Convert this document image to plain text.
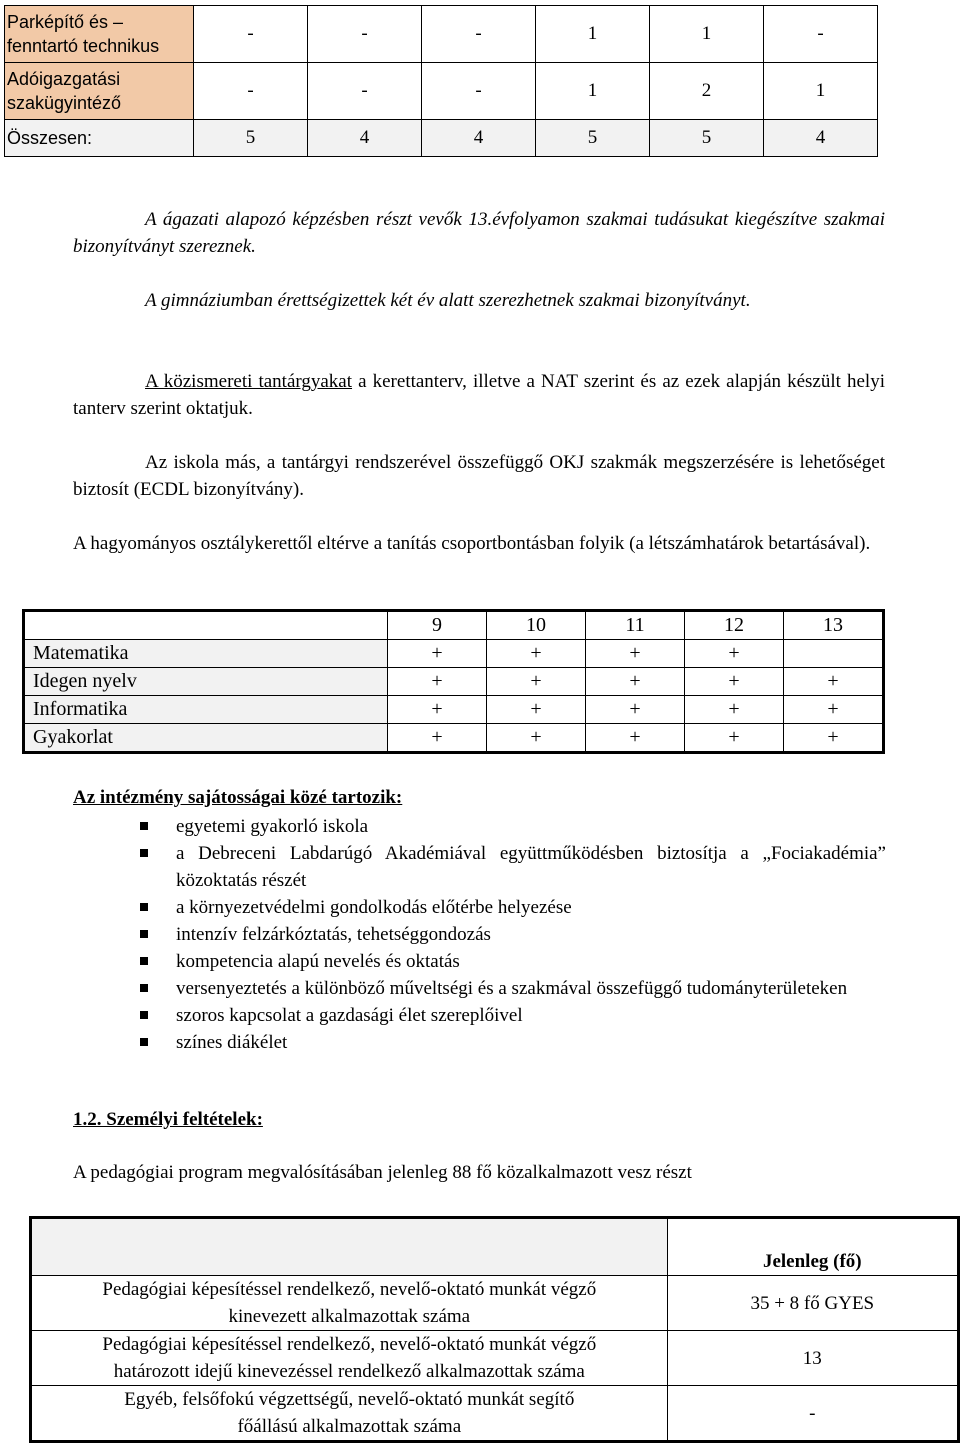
Parképítő és –
fenntartó technikus	-	-	-	1	1	-
Adóigazgatási
szakügyintéző	-	-	-	1	2	1
Összesen:	5	4	4	5	5	4

A ágazati alapozó képzésben részt vevők 13.évfolyamon szakmai tudásukat kiegészítve szakmai bizonyítványt szereznek.

A gimnáziumban érettségizettek két év alatt szerezhetnek szakmai bizonyítványt.

A közismereti tantárgyakat a kerettanterv, illetve a NAT szerint és az ezek alapján készült helyi tanterv szerint oktatjuk.

Az iskola más, a tantárgyi rendszerével összefüggő OKJ szakmák megszerzésére is lehetőséget biztosít (ECDL bizonyítvány).

A hagyományos osztálykerettől eltérve a tanítás csoportbontásban folyik (a létszámhatárok betartásával).

	9	10	11	12	13
Matematika	+	+	+	+	
Idegen nyelv	+	+	+	+	+
Informatika	+	+	+	+	+
Gyakorlat	+	+	+	+	+
Az intézmény sajátosságai közé tartozik:
egyetemi gyakorló iskola
a Debreceni Labdarúgó Akadémiával együttműködésben biztosítja a „Fociakadémia” közoktatás részét
a környezetvédelmi gondolkodás előtérbe helyezése
intenzív felzárkóztatás, tehetséggondozás
kompetencia alapú nevelés és oktatás
versenyeztetés a különböző műveltségi és a szakmával összefüggő tudományterületeken
szoros kapcsolat a gazdasági élet szereplőivel
színes diákélet
1.2. Személyi feltételek:
A pedagógiai program megvalósításában jelenleg 88 fő közalkalmazott vesz részt
	Jelenleg (fő)
Pedagógiai képesítéssel rendelkező, nevelő-oktató munkát végző
kinevezett alkalmazottak száma	35 + 8 fő GYES
Pedagógiai képesítéssel rendelkező, nevelő-oktató munkát végző
határozott idejű kinevezéssel rendelkező alkalmazottak száma	13
Egyéb, felsőfokú végzettségű, nevelő-oktató munkát segítő
főállású alkalmazottak száma	-
